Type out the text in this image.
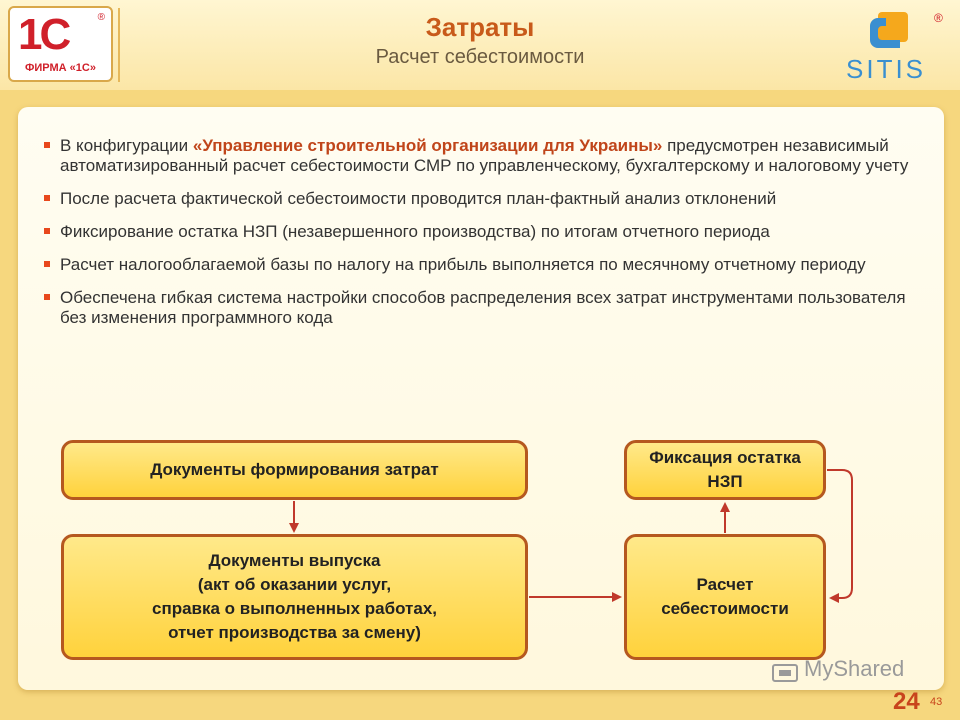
1С	®
ФИРМА «1С»
Затраты
Расчет себестоимости
®
SITIS
В конфигурации «Управление строительной организации для Украины» предусмотрен независимый автоматизированный расчет себестоимости СМР по управленческому, бухгалтерскому и налоговому учету
После расчета фактической себестоимости проводится план-фактный анализ отклонений
Фиксирование остатка НЗП (незавершенного производства) по итогам отчетного периода
Расчет налогооблагаемой базы по налогу на прибыль выполняется по месячному отчетному периоду
Обеспечена гибкая система настройки способов распределения всех затрат инструментами пользователя без изменения программного кода
Документы формирования затрат
Документы выпуска
(акт об оказании услуг,
справка о выполненных работах,
отчет производства за смену)
Фиксация остатка
НЗП
Расчет
себестоимости
MyShared
24 43
